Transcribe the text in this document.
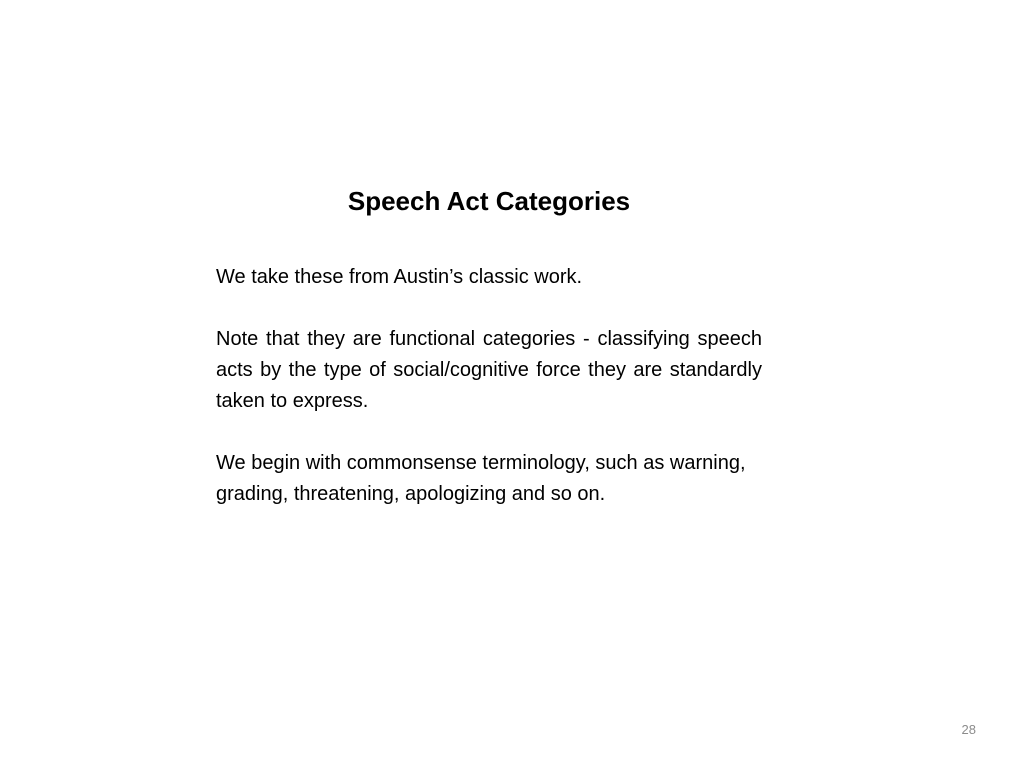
Speech Act Categories

We take these from Austin’s classic work.

Note that they are functional categories - classifying speech acts by the type of social/cognitive force they are standardly taken to express.

We begin with commonsense terminology, such as warning, grading, threatening, apologizing and so on.

28
